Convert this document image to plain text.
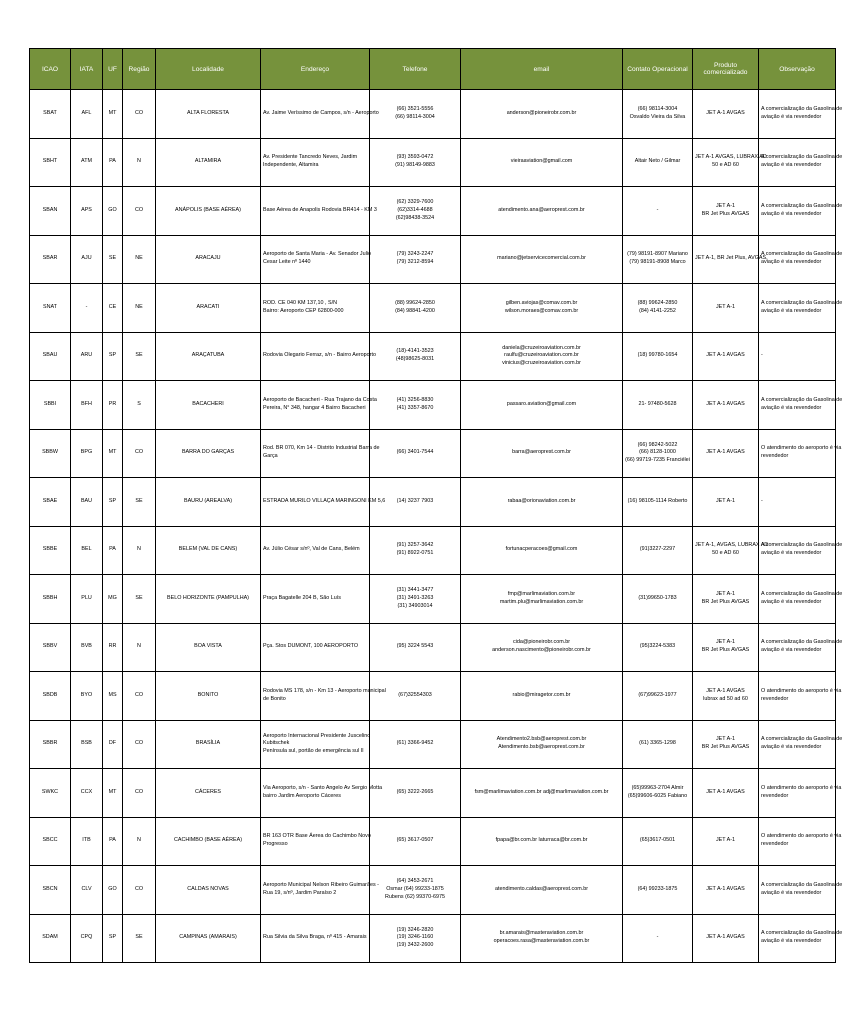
ICAO	IATA	UF	Região	Localidade	Endereço	Telefone	email	Contato Operacional	Produto comercializado	Observação
SBAT	AFL	MT	CO	ALTA FLORESTA	Av. Jaime Veríssimo de Campos, s/n - Aeroporto	(66) 3521-5556
(66) 98114-3004	anderson@pioneirobr.com.br	(66) 98114-3004
Osvaldo Vieira da Silva	JET A-1 AVGAS	A comercialização da Gasolina de
aviação é via revendedor

SBHT	ATM	PA	N	ALTAMIRA	Av. Presidente Tancredo Neves, Jardim
Independente, Altamira	(93) 3593-0472
(91) 98149-9883	vieiraaviation@gmail.com	Altair Neto / Gilmar	JET A-1 AVGAS, LUBRAX AD
50 e AD 60	A comercialização da Gasolina de
aviação é via revendedor

SBAN	APS	GO	CO	ANÁPOLIS (BASE AÉREA)	Base Aérea de Anapolis Rodovia BR414 - KM 3	(62) 3329-7600
(62)3314-4688
(62)98438-3524	atendimento.ana@aeroprest.com.br	-	JET A-1
BR Jet Plus AVGAS	A comercialização da Gasolina de
aviação é via revendedor

SBAR	AJU	SE	NE	ARACAJU	Aeroporto de Santa Maria - Av. Senador Julio
Cesar Leite nº 1440	(79) 3243-2247
(79) 3212-8594	mariano@jetservicecomercial.com.br	(79) 98191-8907 Mariano
(79) 98191-8908 Marco	JET A-1, BR Jet Plus, AVGAS,	A comercialização da Gasolina de
aviação é via revendedor

SNAT	-	CE	NE	ARACATI	ROD. CE 040 KM 137,10 , S/N
Bairro: Aeroporto CEP 62800-000	(88) 99624-2850
(84) 98841-4200	gilben.aviojas@comav.com.br
wilson.moraes@comav.com.br	(88) 99624-2850
(84) 4141-2252	JET A-1	A comercialização da Gasolina de
aviação é via revendedor

SBAU	ARU	SP	SE	ARAÇATUBA	Rodovia Olegario Ferraz, s/n - Bairro Aeroporto	(18)-4141-3523
(48)98625-8031	daniela@cruzeiroaviation.com.br
raulfu@cruzeiroaviation.com.br
vinicius@cruzeiroaviation.com.br	(18) 99780-1654	JET A-1 AVGAS	-

SBBI	BFH	PR	S	BACACHERI	Aeroporto de Bacacheri - Rua Trajano da Costa
Pereira, N° 348, hangar 4 Bairro Bacacheri	(41) 3256-8830
(41) 3357-8670	passaro.aviation@gmail.com	21- 97480-5628	JET A-1 AVGAS	A comercialização da Gasolina de
aviação é via revendedor

SBBW	BPG	MT	CO	BARRA DO GARÇAS	Rod. BR 070, Km 14 - Distrito Industrial Barra de
Garça	(66) 3401-7544	barra@aeroprest.com.br	(66) 98242-5022
(66) 8128-1000
(66) 99719-7235 Franciélei	JET A-1 AVGAS	O atendimento do aeroporto é via
revendedor

SBAE	BAU	SP	SE	BAURU (AREALVA)	ESTRADA MURILO VILLAÇA MARINGONI KM 5,6	(14) 3237 7903	rabaa@orionaviation.com.br	(16) 98105-1114 Roberto	JET A-1	-

SBBE	BEL	PA	N	BELEM (VAL DE CANS)	Av. Júlio César s/nº, Val de Cans, Belém	(91) 3257-3642
(91) 8922-0751	fortunacperacoes@gmail.com	(91)3227-2297	JET A-1, AVGAS, LUBRAX AD
50 e AD 60	A comercialização da Gasolina de
aviação é via revendedor

SBBH	PLU	MG	SE	BELO HORIZONTE (PAMPULHA)	Praça Bagatelle 204 B, São Luís	(31) 3441-3477
(31) 3491-3263
(31) 34903014	fmp@marlimaviation.com.br
martim.plu@marlimaviation.com.br	(31)99650-1783	JET A-1
BR Jet Plus AVGAS	A comercialização da Gasolina de
aviação é via revendedor

SBBV	BVB	RR	N	BOA VISTA	Pça. Stos DUMONT, 100 AEROPORTO	(95) 3224 5543	cida@pioneirobr.com.br
anderson.nascimento@pioneirobr.com.br	(95)3224-5383	JET A-1
BR Jet Plus AVGAS	A comercialização da Gasolina de
aviação é via revendedor

SBDB	BYO	MS	CO	BONITO	Rodovia MS 178, s/n - Km 13 - Aeroporto municipal
de Bonito	(67)32554303	rabio@miragetor.com.br	(67)99623-1977	JET A-1 AVGAS
lubrax ad 50 ad 60	O atendimento do aeroporto é via
revendedor

SBBR	BSB	DF	CO	BRASÍLIA	Aeroporto Internacional Presidente Juscelino
Kubitschek
Península sul, portão de emergência sul II	(61) 3366-9452	Atendimento2.bsb@aeroprest.com.br
Atendimento.bsb@aeroprest.com.br	(61) 3365-1298	JET A-1
BR Jet Plus AVGAS	A comercialização da Gasolina de
aviação é via revendedor

SWKC	CCX	MT	CO	CÁCERES	Via Aeroporto, s/n - Santo Angelo Av Sergio Motta
bairro Jardim Aeroporto Cáceres	(65) 3222-2665	fsm@marlimaviation.com.br adj@marlimaviation.com.br	(65)99963-2704 Almir
(65)99606-6025 Fabiano	JET A-1 AVGAS	O atendimento do aeroporto é via
revendedor

SBCC	ITB	PA	N	CACHIMBO (BASE AÉREA)	BR 163 OTR Base Áerea do Cachimbo Novo
Progresso	(65) 3617-0507	fpapa@br.com.br laturraca@br.com.br	(65)3617-0501	JET A-1	O atendimento do aeroporto é via
revendedor

SBCN	CLV	GO	CO	CALDAS NOVAS	Aeroporto Municipal Nelson Ribeiro Guimarães -
Rua 19, s/nº, Jardim Paraíso 2	(64) 3453-2671
Osmar (64) 99233-1875
Rubens (62) 99370-6975	atendimento.caldas@aeroprest.com.br	(64) 99233-1875	JET A-1 AVGAS	A comercialização da Gasolina de
aviação é via revendedor

SDAM	CPQ	SP	SE	CAMPINAS (AMARAIS)	Rua Silvia da Silva Braga, nº 415 - Amarais	(19) 3246-2820
(19) 3246-1160
(19) 3432-2600	br.amarais@masteraviation.com.br
operacoes.rasa@masteraviation.com.br	-	JET A-1 AVGAS	A comercialização da Gasolina de
aviação é via revendedor
